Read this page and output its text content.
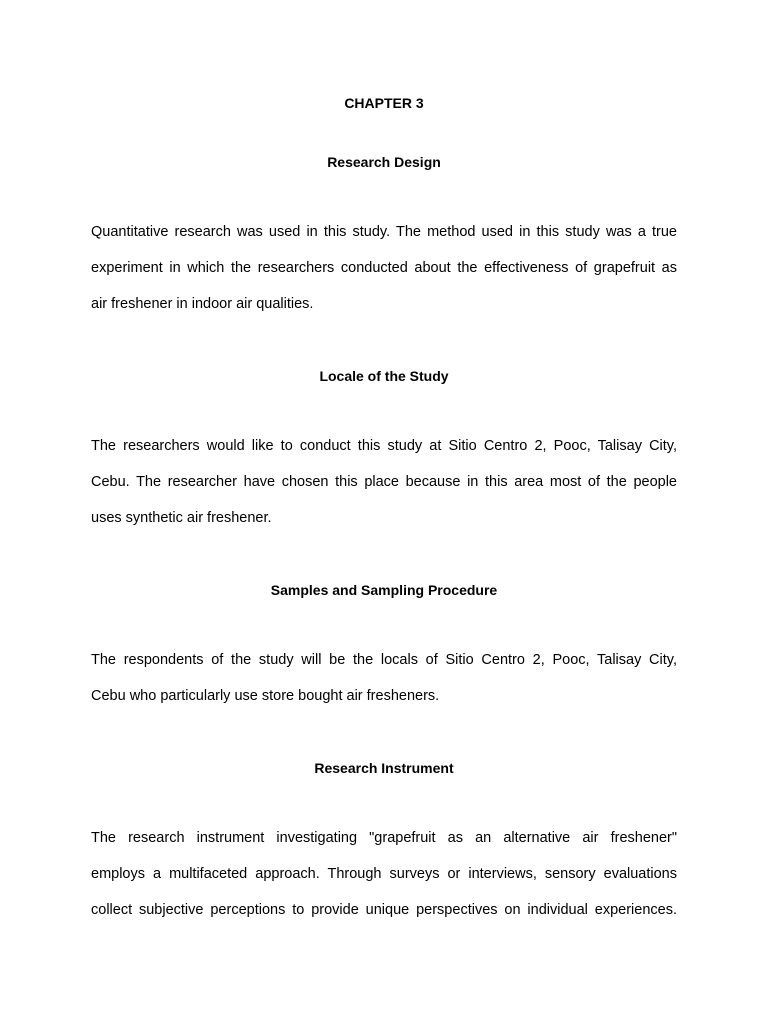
CHAPTER 3
Research Design
Quantitative research was used in this study. The method used in this study was a true
experiment in which the researchers conducted about the effectiveness of grapefruit as
air freshener in indoor air qualities.
Locale of the Study
The researchers would like to conduct this study at Sitio Centro 2, Pooc, Talisay City,
Cebu. The researcher have chosen this place because in this area most of the people
uses synthetic air freshener.
Samples and Sampling Procedure
The respondents of the study will be the locals of Sitio Centro 2, Pooc, Talisay City,
Cebu who particularly use store bought air fresheners.
Research Instrument
The research instrument investigating "grapefruit as an alternative air freshener"
employs a multifaceted approach. Through surveys or interviews, sensory evaluations
collect subjective perceptions to provide unique perspectives on individual experiences.
